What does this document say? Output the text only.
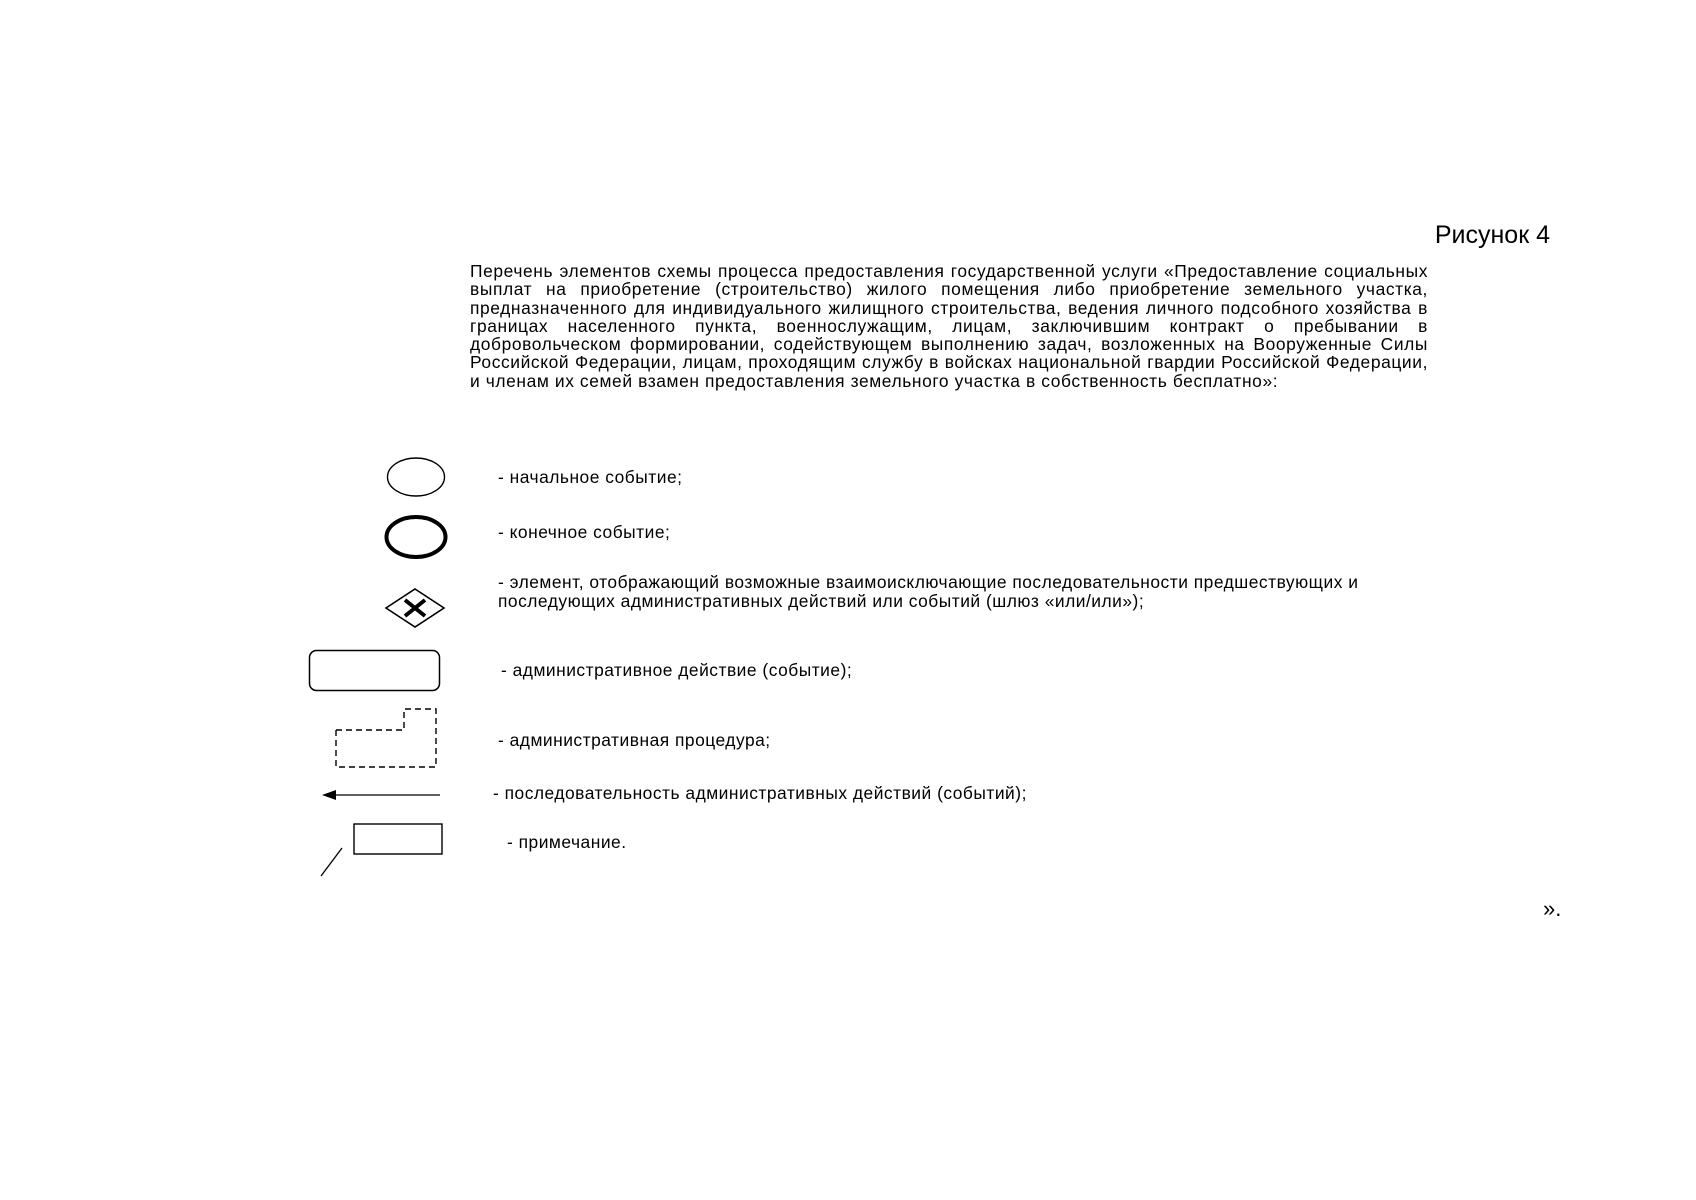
Рисунок 4
Перечень элементов схемы процесса предоставления государственной услуги «Предоставление социальных выплат на приобретение (строительство) жилого помещения либо приобретение земельного участка, предназначенного для индивидуального жилищного строительства, ведения личного подсобного хозяйства в границах населенного пункта, военнослужащим, лицам, заключившим контракт о пребывании в добровольческом формировании, содействующем выполнению задач, возложенных на Вооруженные Силы Российской Федерации, лицам, проходящим службу в войсках национальной гвардии Российской Федерации, и членам их семей взамен предоставления земельного участка в собственность бесплатно»:
- начальное событие;
- конечное событие;
- элемент, отображающий возможные взаимоисключающие последовательности предшествующих и последующих административных действий или событий (шлюз «или/или»);
- административное действие (событие);
- административная процедура;
- последовательность административных действий (событий);
- примечание.
».
